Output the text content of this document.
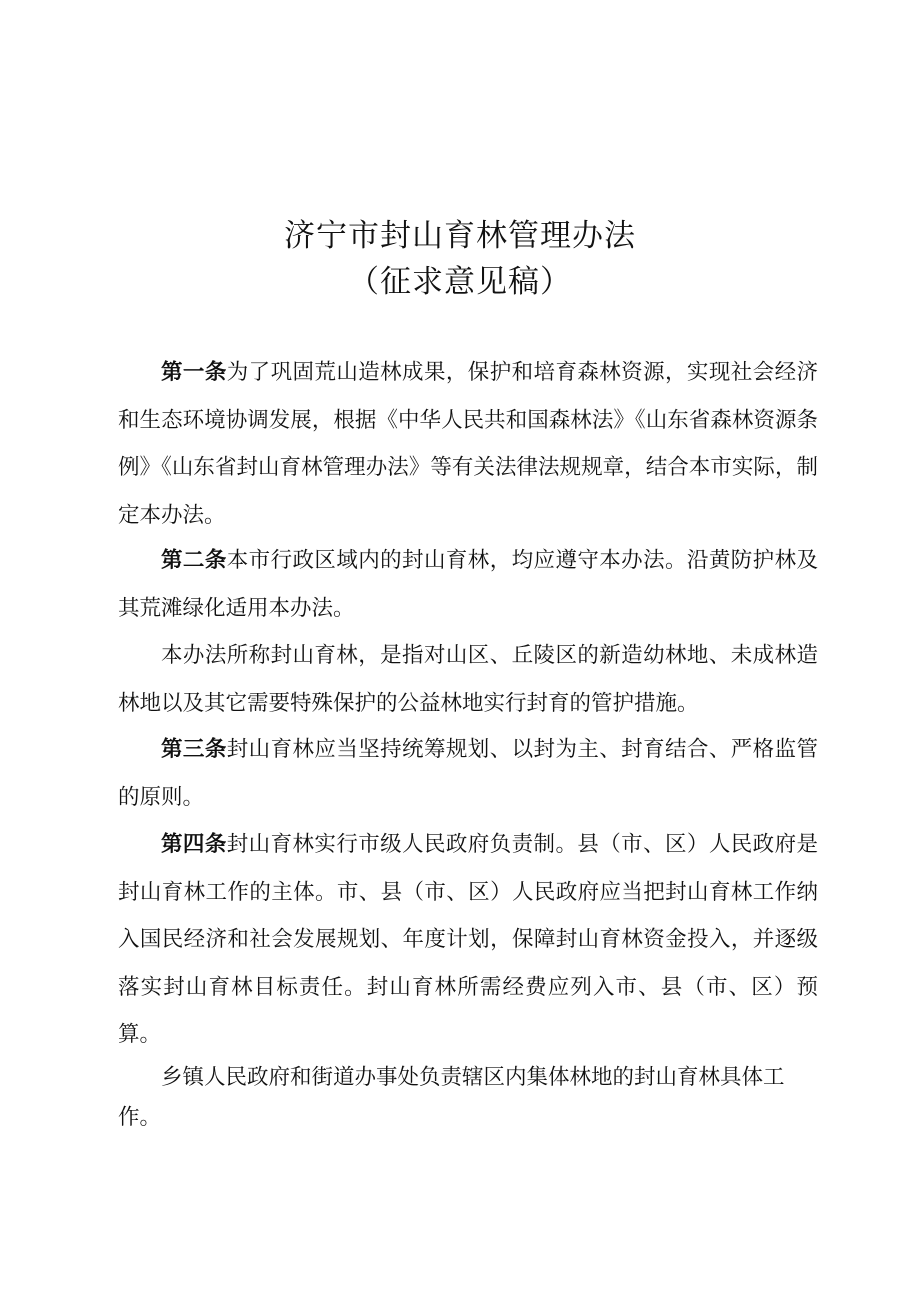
济宁市封山育林管理办法
（征求意见稿）

第一条为了巩固荒山造林成果，保护和培育森林资源，实现社会经济和生态环境协调发展，根据《中华人民共和国森林法》《山东省森林资源条例》《山东省封山育林管理办法》等有关法律法规规章，结合本市实际，制定本办法。

第二条本市行政区域内的封山育林，均应遵守本办法。沿黄防护林及其荒滩绿化适用本办法。

本办法所称封山育林，是指对山区、丘陵区的新造幼林地、未成林造林地以及其它需要特殊保护的公益林地实行封育的管护措施。

第三条封山育林应当坚持统筹规划、以封为主、封育结合、严格监管的原则。

第四条封山育林实行市级人民政府负责制。县（市、区）人民政府是封山育林工作的主体。市、县（市、区）人民政府应当把封山育林工作纳入国民经济和社会发展规划、年度计划，保障封山育林资金投入，并逐级落实封山育林目标责任。封山育林所需经费应列入市、县（市、区）预算。

乡镇人民政府和街道办事处负责辖区内集体林地的封山育林具体工作。
